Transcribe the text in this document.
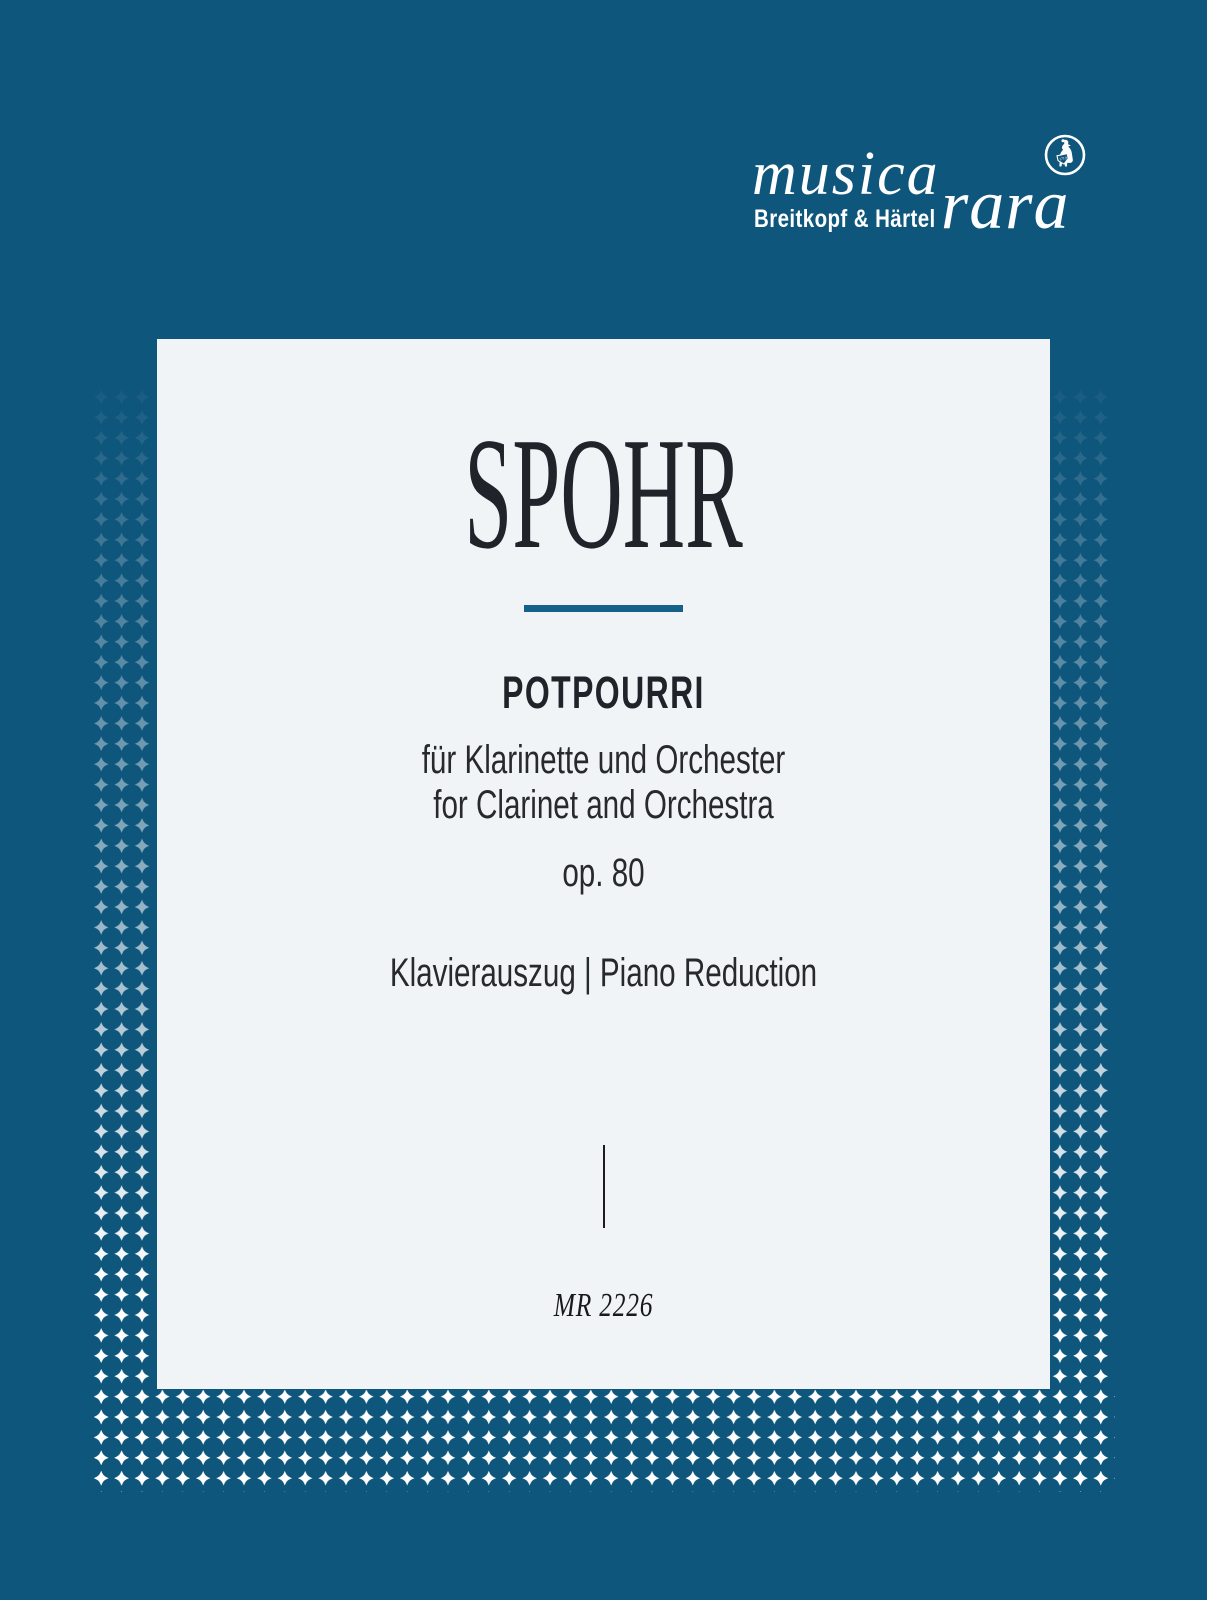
musica rara
Breitkopf & Härtel
1719
SPOHR
POTPOURRI

für Klarinette und Orchester

for Clarinet and Orchestra

op. 80

Klavierauszug | Piano Reduction

MR 2226
